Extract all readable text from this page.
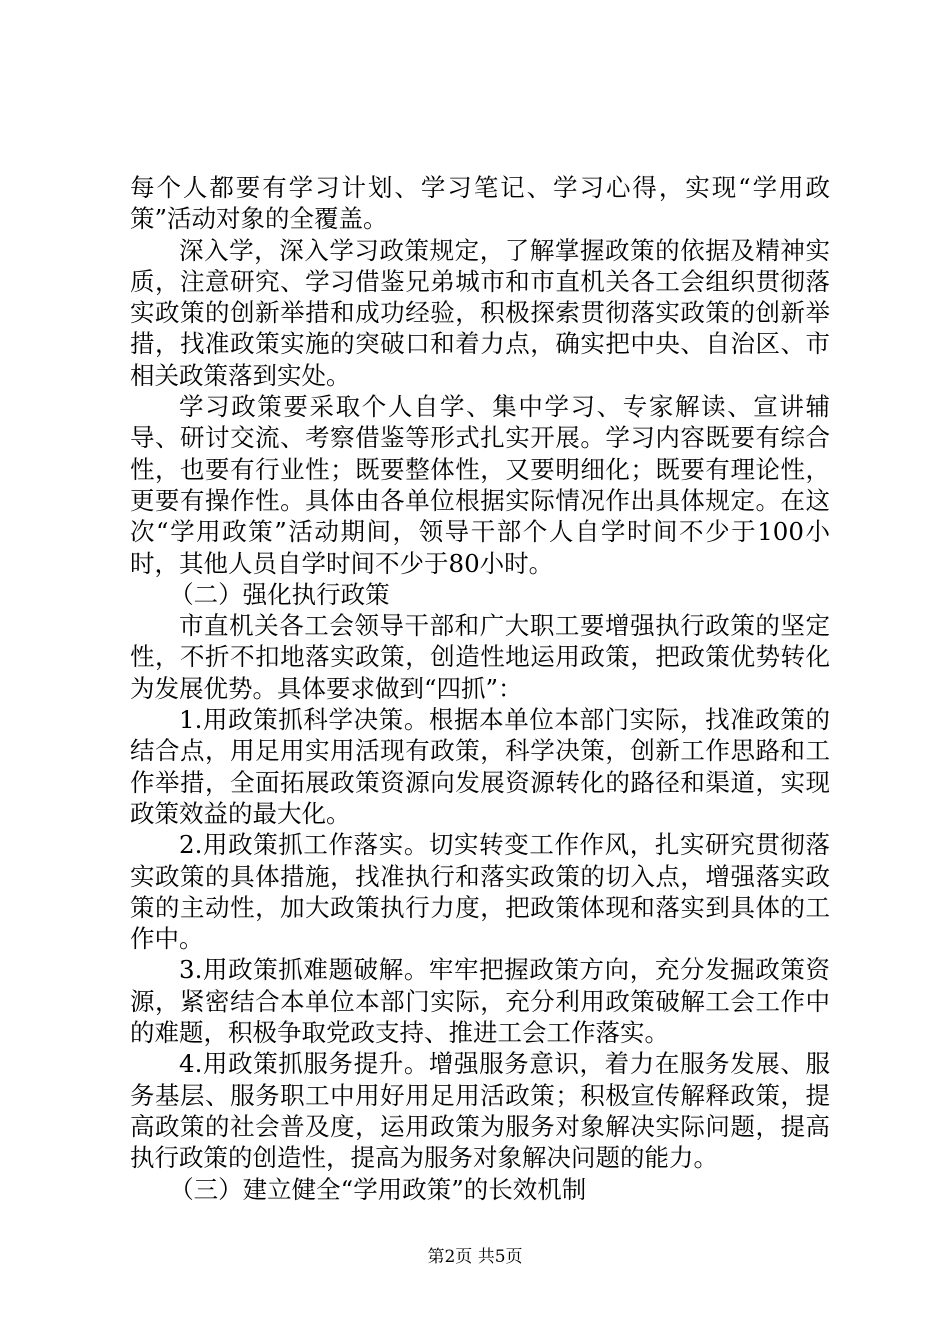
每个人都要有学习计划、学习笔记、学习心得，实现“学用政策”活动对象的全覆盖。

深入学，深入学习政策规定，了解掌握政策的依据及精神实质，注意研究、学习借鉴兄弟城市和市直机关各工会组织贯彻落实政策的创新举措和成功经验，积极探索贯彻落实政策的创新举措，找准政策实施的突破口和着力点，确实把中央、自治区、市相关政策落到实处。

学习政策要采取个人自学、集中学习、专家解读、宣讲辅导、研讨交流、考察借鉴等形式扎实开展。学习内容既要有综合性，也要有行业性；既要整体性，又要明细化；既要有理论性，更要有操作性。具体由各单位根据实际情况作出具体规定。在这次“学用政策”活动期间，领导干部个人自学时间不少于100小时，其他人员自学时间不少于80小时。

（二）强化执行政策

市直机关各工会领导干部和广大职工要增强执行政策的坚定性，不折不扣地落实政策，创造性地运用政策，把政策优势转化为发展优势。具体要求做到“四抓”：

1.用政策抓科学决策。根据本单位本部门实际，找准政策的结合点，用足用实用活现有政策，科学决策，创新工作思路和工作举措，全面拓展政策资源向发展资源转化的路径和渠道，实现政策效益的最大化。

2.用政策抓工作落实。切实转变工作作风，扎实研究贯彻落实政策的具体措施，找准执行和落实政策的切入点，增强落实政策的主动性，加大政策执行力度，把政策体现和落实到具体的工作中。

3.用政策抓难题破解。牢牢把握政策方向，充分发掘政策资源，紧密结合本单位本部门实际，充分利用政策破解工会工作中的难题，积极争取党政支持、推进工会工作落实。

4.用政策抓服务提升。增强服务意识，着力在服务发展、服务基层、服务职工中用好用足用活政策；积极宣传解释政策，提高政策的社会普及度，运用政策为服务对象解决实际问题，提高执行政策的创造性，提高为服务对象解决问题的能力。

（三）建立健全“学用政策”的长效机制

第2页 共5页
